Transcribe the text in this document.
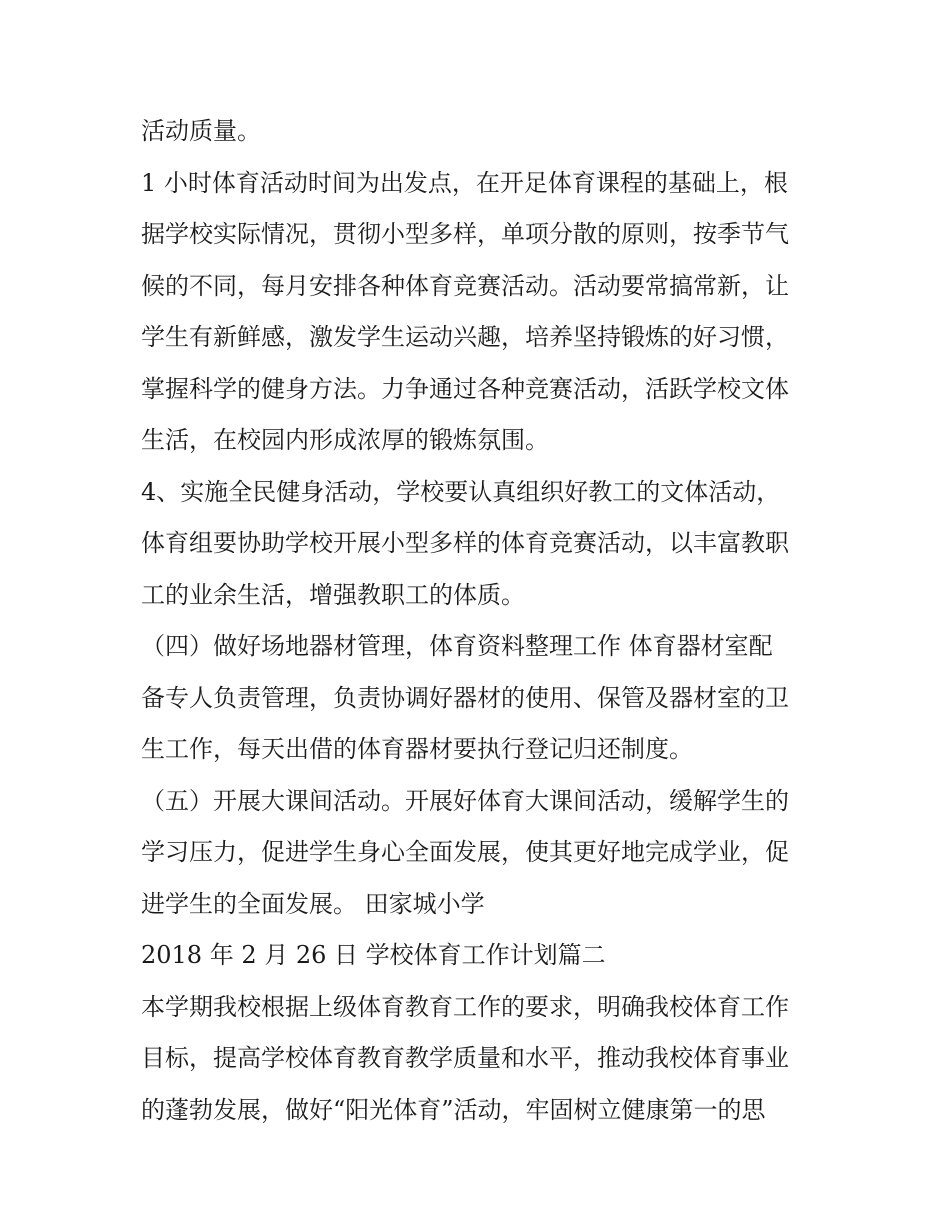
活动质量。
1 小时体育活动时间为出发点，在开足体育课程的基础上，根
据学校实际情况，贯彻小型多样，单项分散的原则，按季节气
候的不同，每月安排各种体育竞赛活动。活动要常搞常新，让
学生有新鲜感，激发学生运动兴趣，培养坚持锻炼的好习惯，
掌握科学的健身方法。力争通过各种竞赛活动，活跃学校文体
生活，在校园内形成浓厚的锻炼氛围。
4、实施全民健身活动，学校要认真组织好教工的文体活动，
体育组要协助学校开展小型多样的体育竞赛活动，以丰富教职
工的业余生活，增强教职工的体质。
（四）做好场地器材管理，体育资料整理工作 体育器材室配
备专人负责管理，负责协调好器材的使用、保管及器材室的卫
生工作，每天出借的体育器材要执行登记归还制度。
（五）开展大课间活动。开展好体育大课间活动，缓解学生的
学习压力，促进学生身心全面发展，使其更好地完成学业，促
进学生的全面发展。 田家城小学
2018 年 2 月 26 日 学校体育工作计划篇二
本学期我校根据上级体育教育工作的要求，明确我校体育工作
目标，提高学校体育教育教学质量和水平，推动我校体育事业
的蓬勃发展，做好“阳光体育”活动，牢固树立健康第一的思
